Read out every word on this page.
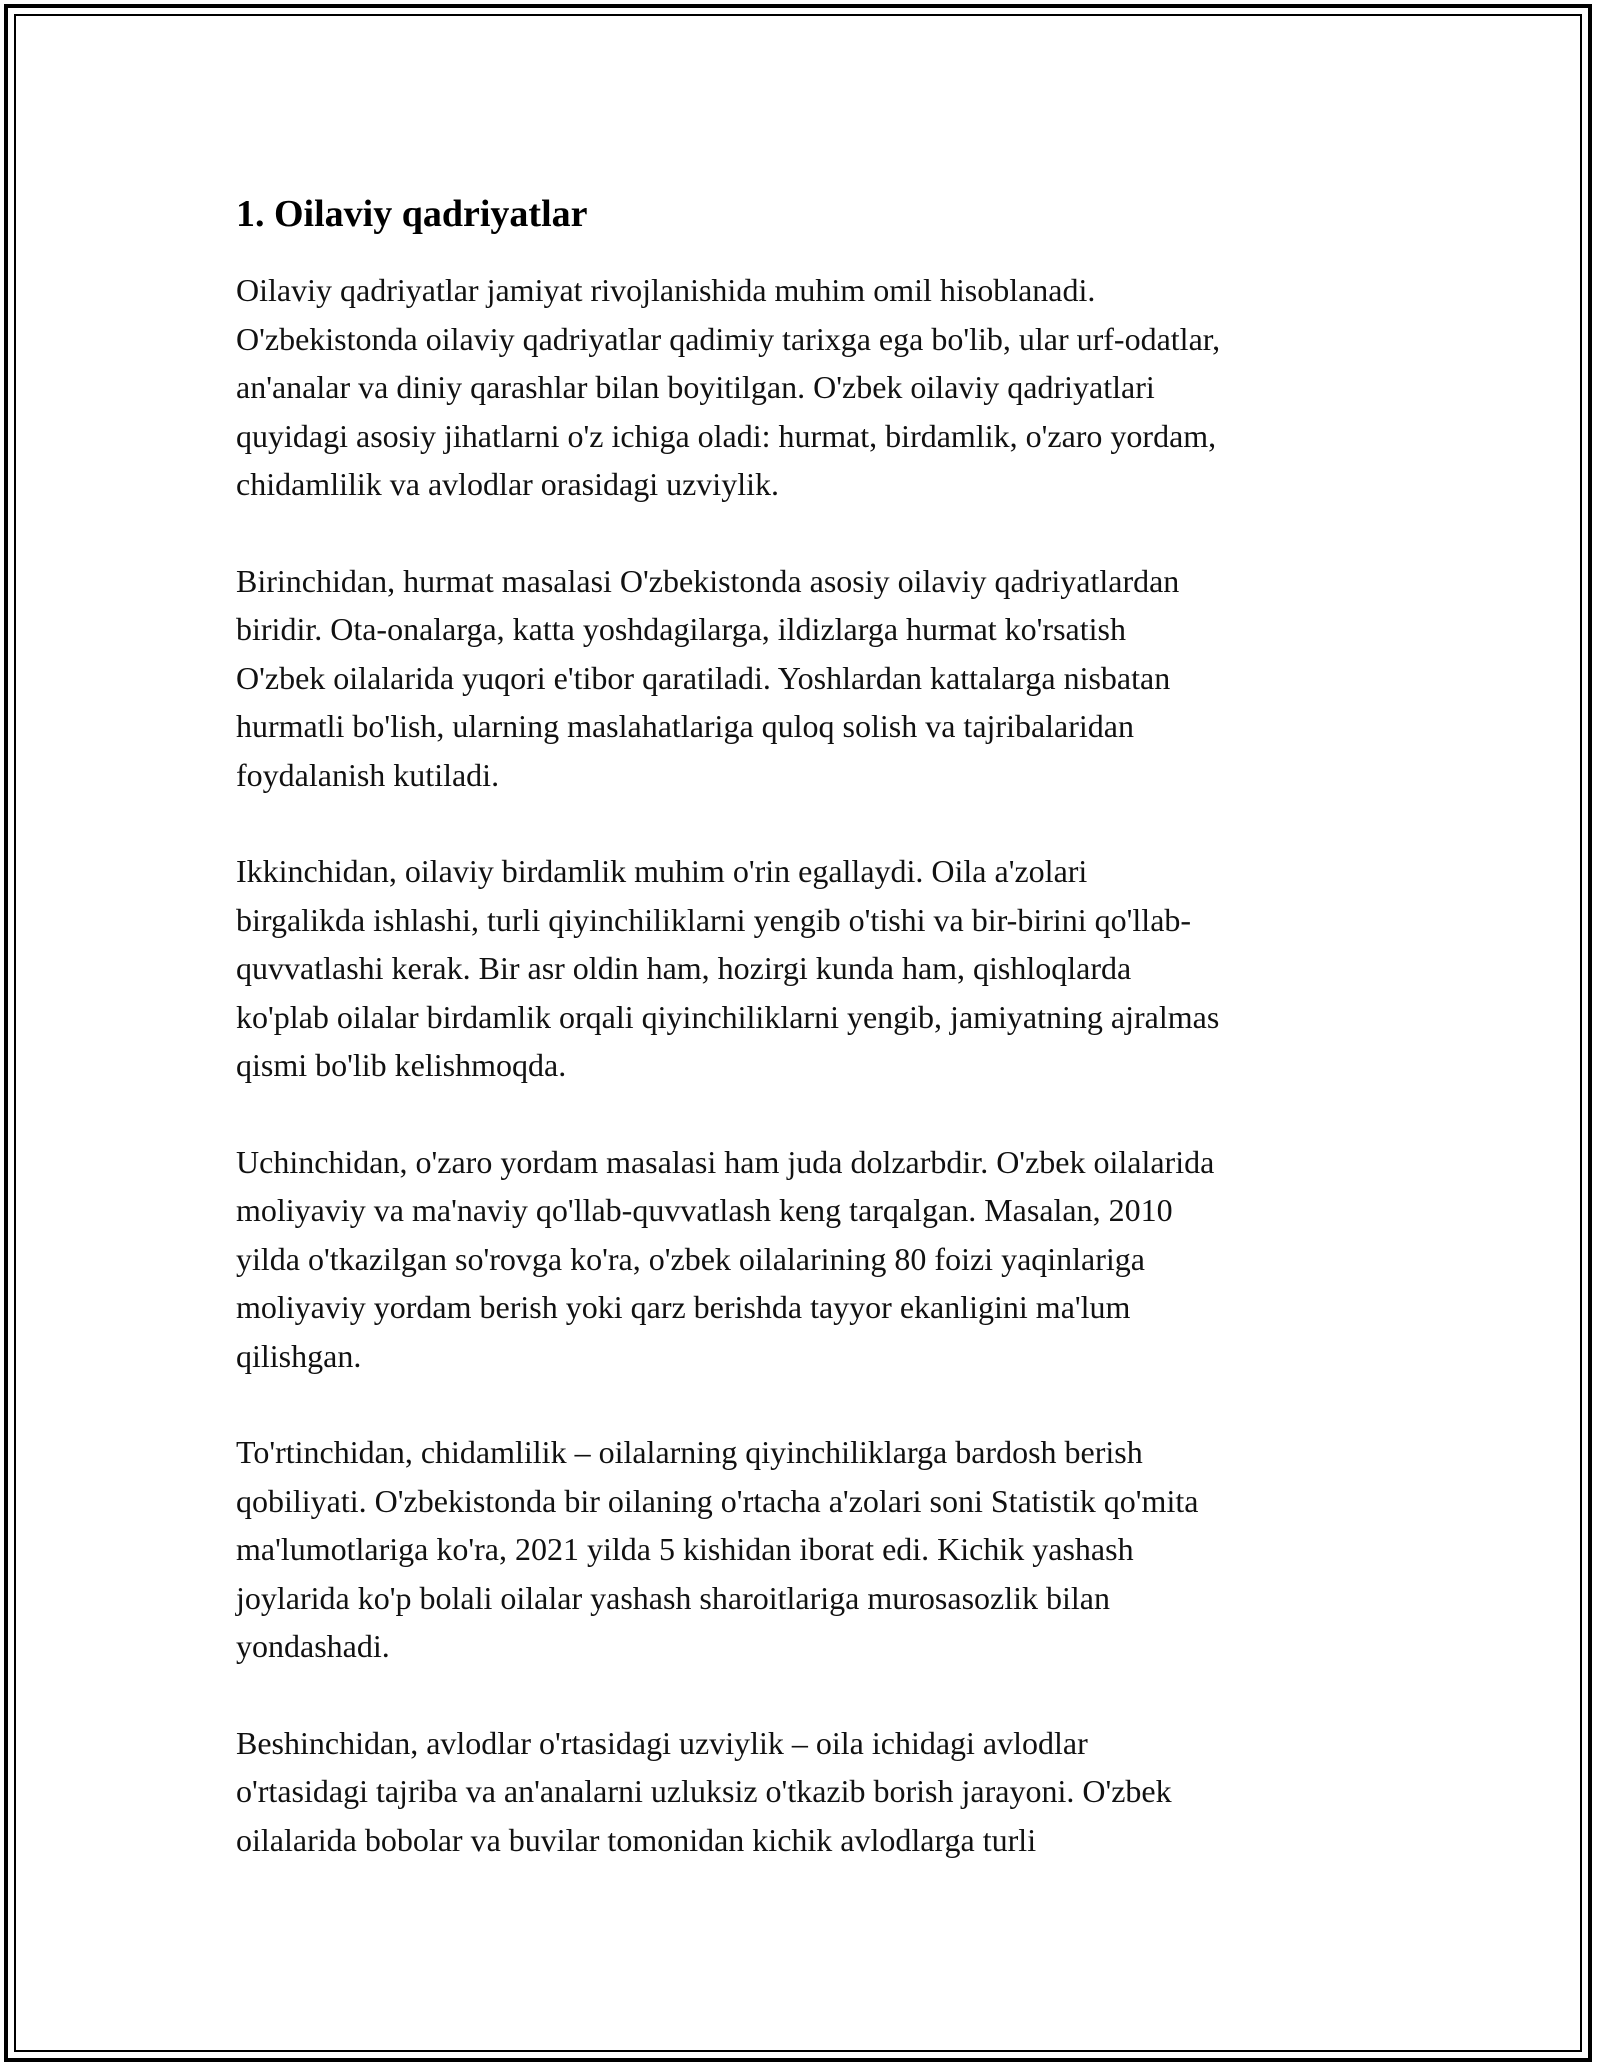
1. Oilaviy qadriyatlar

Oilaviy qadriyatlar jamiyat rivojlanishida muhim omil hisoblanadi.
O'zbekistonda oilaviy qadriyatlar qadimiy tarixga ega bo'lib, ular urf-odatlar,
an'analar va diniy qarashlar bilan boyitilgan. O'zbek oilaviy qadriyatlari
quyidagi asosiy jihatlarni o'z ichiga oladi: hurmat, birdamlik, o'zaro yordam,
chidamlilik va avlodlar orasidagi uzviylik.

Birinchidan, hurmat masalasi O'zbekistonda asosiy oilaviy qadriyatlardan
biridir. Ota-onalarga, katta yoshdagilarga, ildizlarga hurmat ko'rsatish
O'zbek oilalarida yuqori e'tibor qaratiladi. Yoshlardan kattalarga nisbatan
hurmatli bo'lish, ularning maslahatlariga quloq solish va tajribalaridan
foydalanish kutiladi.

Ikkinchidan, oilaviy birdamlik muhim o'rin egallaydi. Oila a'zolari
birgalikda ishlashi, turli qiyinchiliklarni yengib o'tishi va bir-birini qo'llab-
quvvatlashi kerak. Bir asr oldin ham, hozirgi kunda ham, qishloqlarda
ko'plab oilalar birdamlik orqali qiyinchiliklarni yengib, jamiyatning ajralmas
qismi bo'lib kelishmoqda.

Uchinchidan, o'zaro yordam masalasi ham juda dolzarbdir. O'zbek oilalarida
moliyaviy va ma'naviy qo'llab-quvvatlash keng tarqalgan. Masalan, 2010
yilda o'tkazilgan so'rovga ko'ra, o'zbek oilalarining 80 foizi yaqinlariga
moliyaviy yordam berish yoki qarz berishda tayyor ekanligini ma'lum
qilishgan.

To'rtinchidan, chidamlilik – oilalarning qiyinchiliklarga bardosh berish
qobiliyati. O'zbekistonda bir oilaning o'rtacha a'zolari soni Statistik qo'mita
ma'lumotlariga ko'ra, 2021 yilda 5 kishidan iborat edi. Kichik yashash
joylarida ko'p bolali oilalar yashash sharoitlariga murosasozlik bilan
yondashadi.

Beshinchidan, avlodlar o'rtasidagi uzviylik – oila ichidagi avlodlar
o'rtasidagi tajriba va an'analarni uzluksiz o'tkazib borish jarayoni. O'zbek
oilalarida bobolar va buvilar tomonidan kichik avlodlarga turli
